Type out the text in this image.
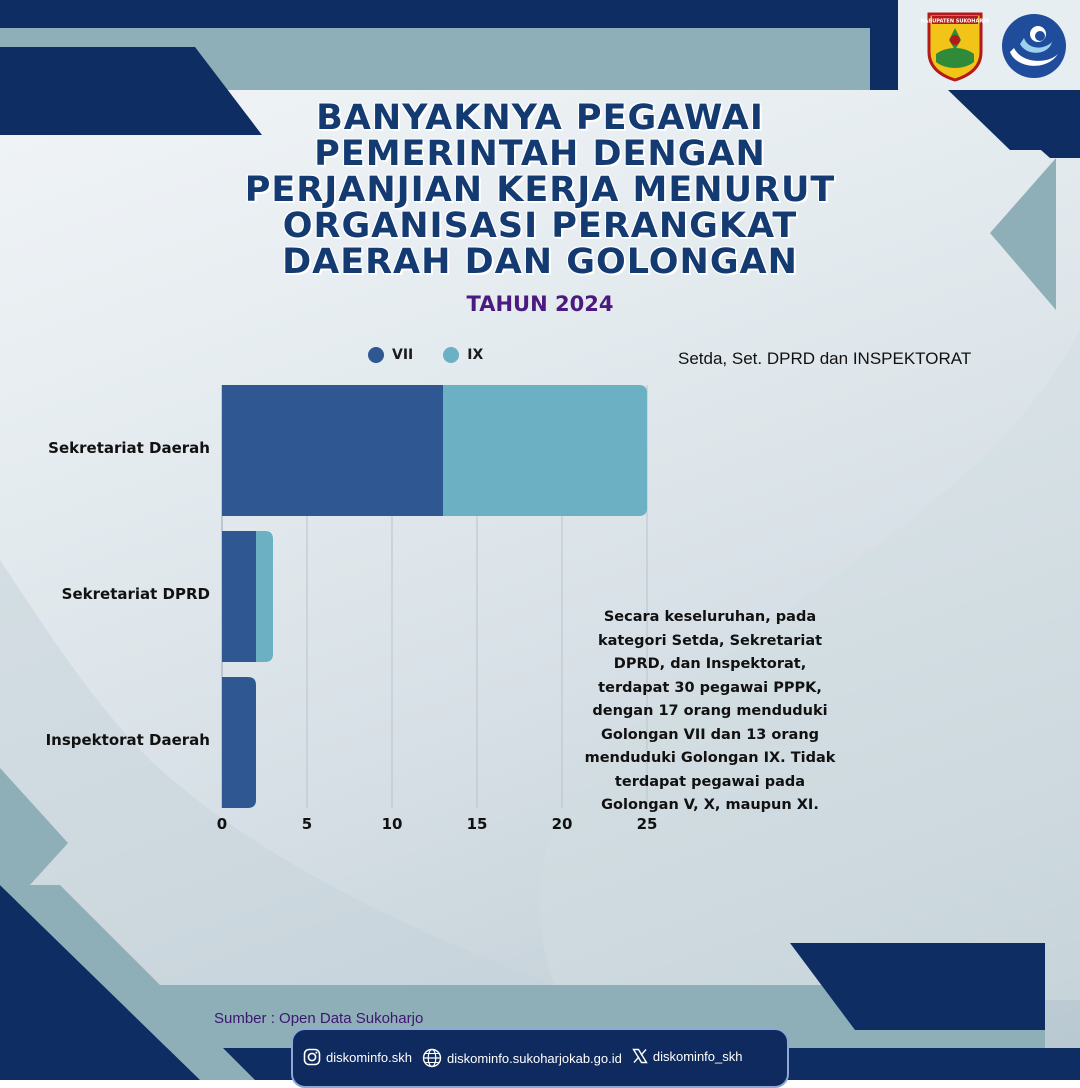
KABUPATEN SUKOHARJO
BANYAKNYA PEGAWAI PEMERINTAH DENGAN PERJANJIAN KERJA MENURUT ORGANISASI PERANGKAT DAERAH DAN GOLONGAN
TAHUN 2024
VII	IX	Setda, Set. DPRD dan INSPEKTORAT
Sekretariat Daerah
Sekretariat DPRD
Inspektorat Daerah
0	5	10	15	20	25
Secara keseluruhan, pada kategori Setda, Sekretariat DPRD, dan Inspektorat, terdapat 30 pegawai PPPK, dengan 17 orang menduduki Golongan VII dan 13 orang menduduki Golongan IX. Tidak terdapat pegawai pada Golongan V, X, maupun XI.
Sumber : Open Data Sukoharjo
diskominfo.skh	diskominfo.sukoharjokab.go.id diskominfo_skh
